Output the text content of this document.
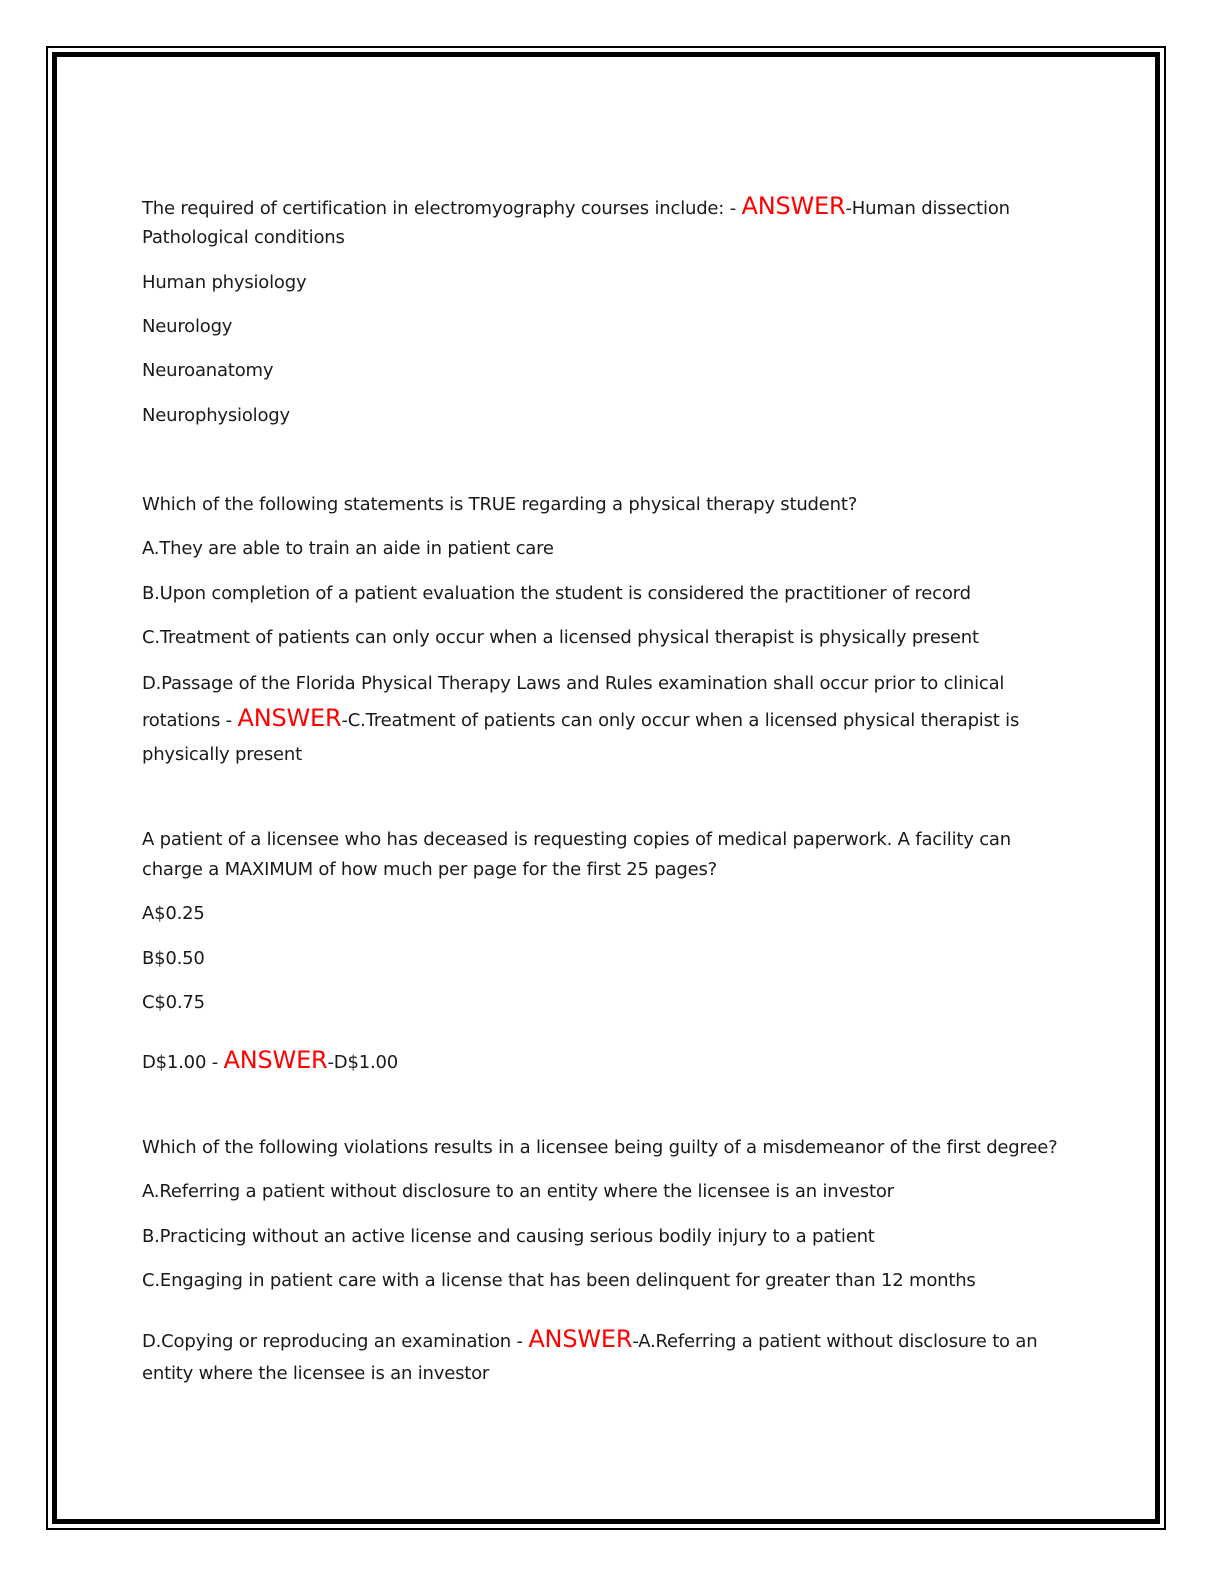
The required of certification in electromyography courses include: - ANSWER-Human dissection
Pathological conditions
Human physiology
Neurology
Neuroanatomy
Neurophysiology
Which of the following statements is TRUE regarding a physical therapy student?
A.They are able to train an aide in patient care
B.Upon completion of a patient evaluation the student is considered the practitioner of record
C.Treatment of patients can only occur when a licensed physical therapist is physically present
D.Passage of the Florida Physical Therapy Laws and Rules examination shall occur prior to clinical rotations - ANSWER-C.Treatment of patients can only occur when a licensed physical therapist is physically present
A patient of a licensee who has deceased is requesting copies of medical paperwork. A facility can
charge a MAXIMUM of how much per page for the first 25 pages?
A$0.25
B$0.50
C$0.75
D$1.00 - ANSWER-D$1.00
Which of the following violations results in a licensee being guilty of a misdemeanor of the first degree?
A.Referring a patient without disclosure to an entity where the licensee is an investor
B.Practicing without an active license and causing serious bodily injury to a patient
C.Engaging in patient care with a license that has been delinquent for greater than 12 months
D.Copying or reproducing an examination - ANSWER-A.Referring a patient without disclosure to an entity where the licensee is an investor
